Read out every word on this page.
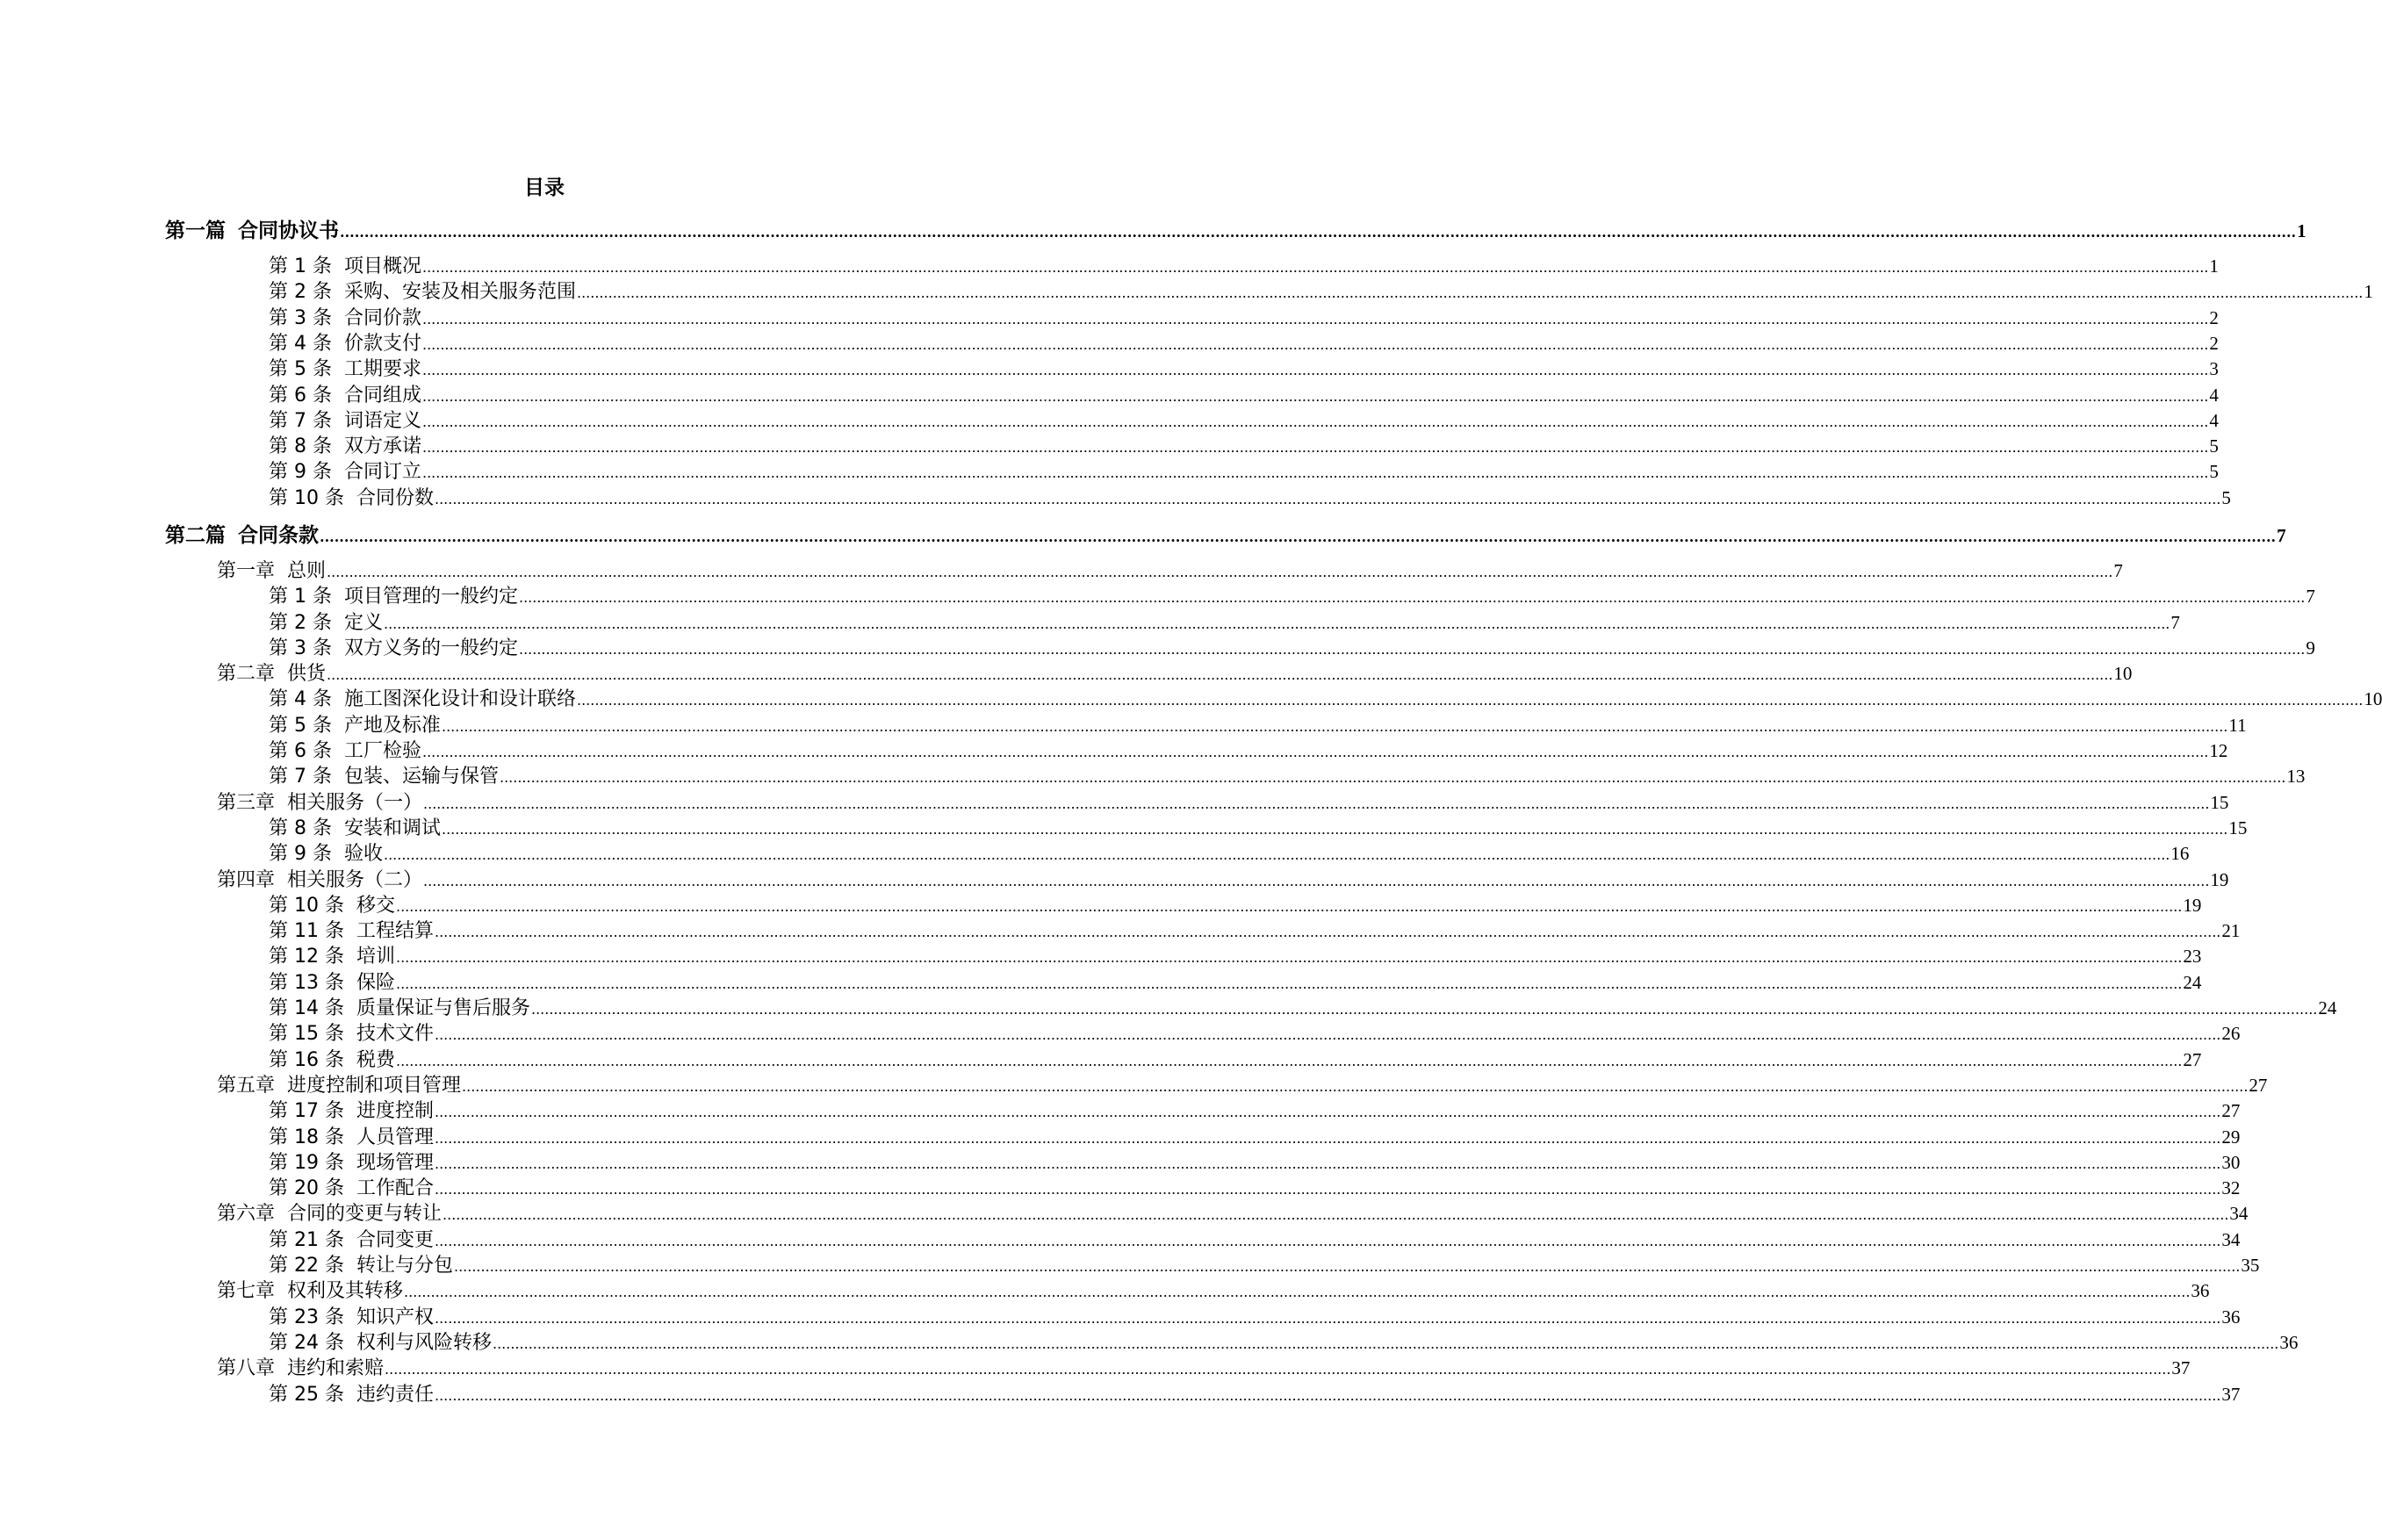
目录
第一篇 合同协议书 ................................................................................................................................................................................................................................................................................................................................................................................................................ 1
第 1 条 项目概况 ................................................................................................................................................................................................................................................................................................................................................................................................................ 1
第 2 条 采购、安装及相关服务范围 ................................................................................................................................................................................................................................................................................................................................................................................................................ 1
第 3 条 合同价款 ................................................................................................................................................................................................................................................................................................................................................................................................................ 2
第 4 条 价款支付 ................................................................................................................................................................................................................................................................................................................................................................................................................ 2
第 5 条 工期要求 ................................................................................................................................................................................................................................................................................................................................................................................................................ 3
第 6 条 合同组成 ................................................................................................................................................................................................................................................................................................................................................................................................................ 4
第 7 条 词语定义 ................................................................................................................................................................................................................................................................................................................................................................................................................ 4
第 8 条 双方承诺 ................................................................................................................................................................................................................................................................................................................................................................................................................ 5
第 9 条 合同订立 ................................................................................................................................................................................................................................................................................................................................................................................................................ 5
第 10 条 合同份数 ................................................................................................................................................................................................................................................................................................................................................................................................................ 5
第二篇 合同条款 ................................................................................................................................................................................................................................................................................................................................................................................................................ 7
第一章 总则 ................................................................................................................................................................................................................................................................................................................................................................................................................ 7
第 1 条 项目管理的一般约定 ................................................................................................................................................................................................................................................................................................................................................................................................................ 7
第 2 条 定义 ................................................................................................................................................................................................................................................................................................................................................................................................................ 7
第 3 条 双方义务的一般约定 ................................................................................................................................................................................................................................................................................................................................................................................................................ 9
第二章 供货 ................................................................................................................................................................................................................................................................................................................................................................................................................ 10
第 4 条 施工图深化设计和设计联络 ................................................................................................................................................................................................................................................................................................................................................................................................................ 10
第 5 条 产地及标准 ................................................................................................................................................................................................................................................................................................................................................................................................................ 11
第 6 条 工厂检验 ................................................................................................................................................................................................................................................................................................................................................................................................................ 12
第 7 条 包装、运输与保管 ................................................................................................................................................................................................................................................................................................................................................................................................................ 13
第三章 相关服务（一） ................................................................................................................................................................................................................................................................................................................................................................................................................ 15
第 8 条 安装和调试 ................................................................................................................................................................................................................................................................................................................................................................................................................ 15
第 9 条 验收 ................................................................................................................................................................................................................................................................................................................................................................................................................ 16
第四章 相关服务（二） ................................................................................................................................................................................................................................................................................................................................................................................................................ 19
第 10 条 移交 ................................................................................................................................................................................................................................................................................................................................................................................................................ 19
第 11 条 工程结算 ................................................................................................................................................................................................................................................................................................................................................................................................................ 21
第 12 条 培训 ................................................................................................................................................................................................................................................................................................................................................................................................................ 23
第 13 条 保险 ................................................................................................................................................................................................................................................................................................................................................................................................................ 24
第 14 条 质量保证与售后服务 ................................................................................................................................................................................................................................................................................................................................................................................................................ 24
第 15 条 技术文件 ................................................................................................................................................................................................................................................................................................................................................................................................................ 26
第 16 条 税费 ................................................................................................................................................................................................................................................................................................................................................................................................................ 27
第五章 进度控制和项目管理 ................................................................................................................................................................................................................................................................................................................................................................................................................ 27
第 17 条 进度控制 ................................................................................................................................................................................................................................................................................................................................................................................................................ 27
第 18 条 人员管理 ................................................................................................................................................................................................................................................................................................................................................................................................................ 29
第 19 条 现场管理 ................................................................................................................................................................................................................................................................................................................................................................................................................ 30
第 20 条 工作配合 ................................................................................................................................................................................................................................................................................................................................................................................................................ 32
第六章 合同的变更与转让 ................................................................................................................................................................................................................................................................................................................................................................................................................ 34
第 21 条 合同变更 ................................................................................................................................................................................................................................................................................................................................................................................................................ 34
第 22 条 转让与分包 ................................................................................................................................................................................................................................................................................................................................................................................................................ 35
第七章 权利及其转移 ................................................................................................................................................................................................................................................................................................................................................................................................................ 36
第 23 条 知识产权 ................................................................................................................................................................................................................................................................................................................................................................................................................ 36
第 24 条 权利与风险转移 ................................................................................................................................................................................................................................................................................................................................................................................................................ 36
第八章 违约和索赔 ................................................................................................................................................................................................................................................................................................................................................................................................................ 37
第 25 条 违约责任 ................................................................................................................................................................................................................................................................................................................................................................................................................ 37
